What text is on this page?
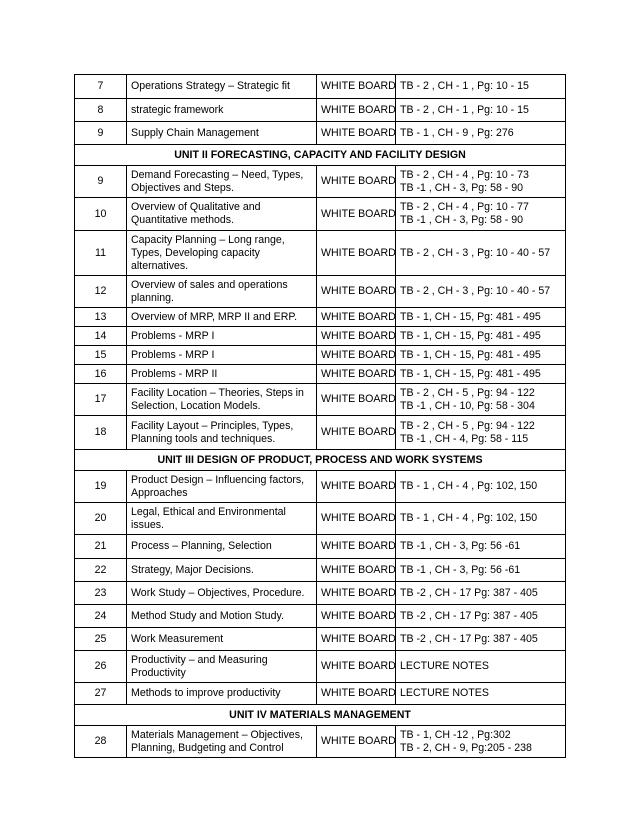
7	Operations Strategy – Strategic fit	WHITE BOARD	TB - 2 , CH - 1 , Pg: 10 - 15

8	strategic framework	WHITE BOARD	TB - 2 , CH - 1 , Pg: 10 - 15

9	Supply Chain Management	WHITE BOARD	TB - 1 , CH - 9 , Pg: 276

UNIT II FORECASTING, CAPACITY AND FACILITY DESIGN			
9	Demand Forecasting – Need, Types,
Objectives and Steps.	WHITE BOARD	TB - 2 , CH - 4 , Pg: 10 - 73
TB -1 , CH - 3, Pg: 58 - 90

10	Overview of Qualitative and
Quantitative methods.	WHITE BOARD	TB - 2 , CH - 4 , Pg: 10 - 77
TB -1 , CH - 3, Pg: 58 - 90

11	Capacity Planning – Long range,
Types, Developing capacity
alternatives.	WHITE BOARD	TB - 2 , CH - 3 , Pg: 10 - 40 - 57

12	Overview of sales and operations
planning.	WHITE BOARD	TB - 2 , CH - 3 , Pg: 10 - 40 - 57

13	Overview of MRP, MRP II and ERP.	WHITE BOARD	TB - 1, CH - 15, Pg: 481 - 495

14	Problems - MRP I	WHITE BOARD	TB - 1, CH - 15, Pg: 481 - 495

15	Problems - MRP I	WHITE BOARD	TB - 1, CH - 15, Pg: 481 - 495

16	Problems - MRP II	WHITE BOARD	TB - 1, CH - 15, Pg: 481 - 495

17	Facility Location – Theories, Steps in
Selection, Location Models.	WHITE BOARD	TB - 2 , CH - 5 , Pg: 94 - 122
TB -1 , CH - 10, Pg: 58 - 304

18	Facility Layout – Principles, Types,
Planning tools and techniques.	WHITE BOARD	TB - 2 , CH - 5 , Pg: 94 - 122
TB -1 , CH - 4, Pg: 58 - 115

UNIT III DESIGN OF PRODUCT, PROCESS AND WORK SYSTEMS			
19	Product Design – Influencing factors,
Approaches	WHITE BOARD	TB - 1 , CH - 4 , Pg: 102, 150

20	Legal, Ethical and Environmental
issues.	WHITE BOARD	TB - 1 , CH - 4 , Pg: 102, 150

21	Process – Planning, Selection	WHITE BOARD	TB -1 , CH - 3, Pg: 56 -61

22	Strategy, Major Decisions.	WHITE BOARD	TB -1 , CH - 3, Pg: 56 -61

23	Work Study – Objectives, Procedure.	WHITE BOARD	TB -2 , CH - 17 Pg: 387 - 405

24	Method Study and Motion Study.	WHITE BOARD	TB -2 , CH - 17 Pg: 387 - 405

25	Work Measurement	WHITE BOARD	TB -2 , CH - 17 Pg: 387 - 405

26	Productivity – and Measuring
Productivity	WHITE BOARD	LECTURE NOTES

27	Methods to improve productivity	WHITE BOARD	LECTURE NOTES

UNIT IV MATERIALS MANAGEMENT			
28	Materials Management – Objectives,
Planning, Budgeting and Control	WHITE BOARD	TB - 1, CH -12 , Pg:302
TB - 2, CH - 9, Pg:205 - 238
